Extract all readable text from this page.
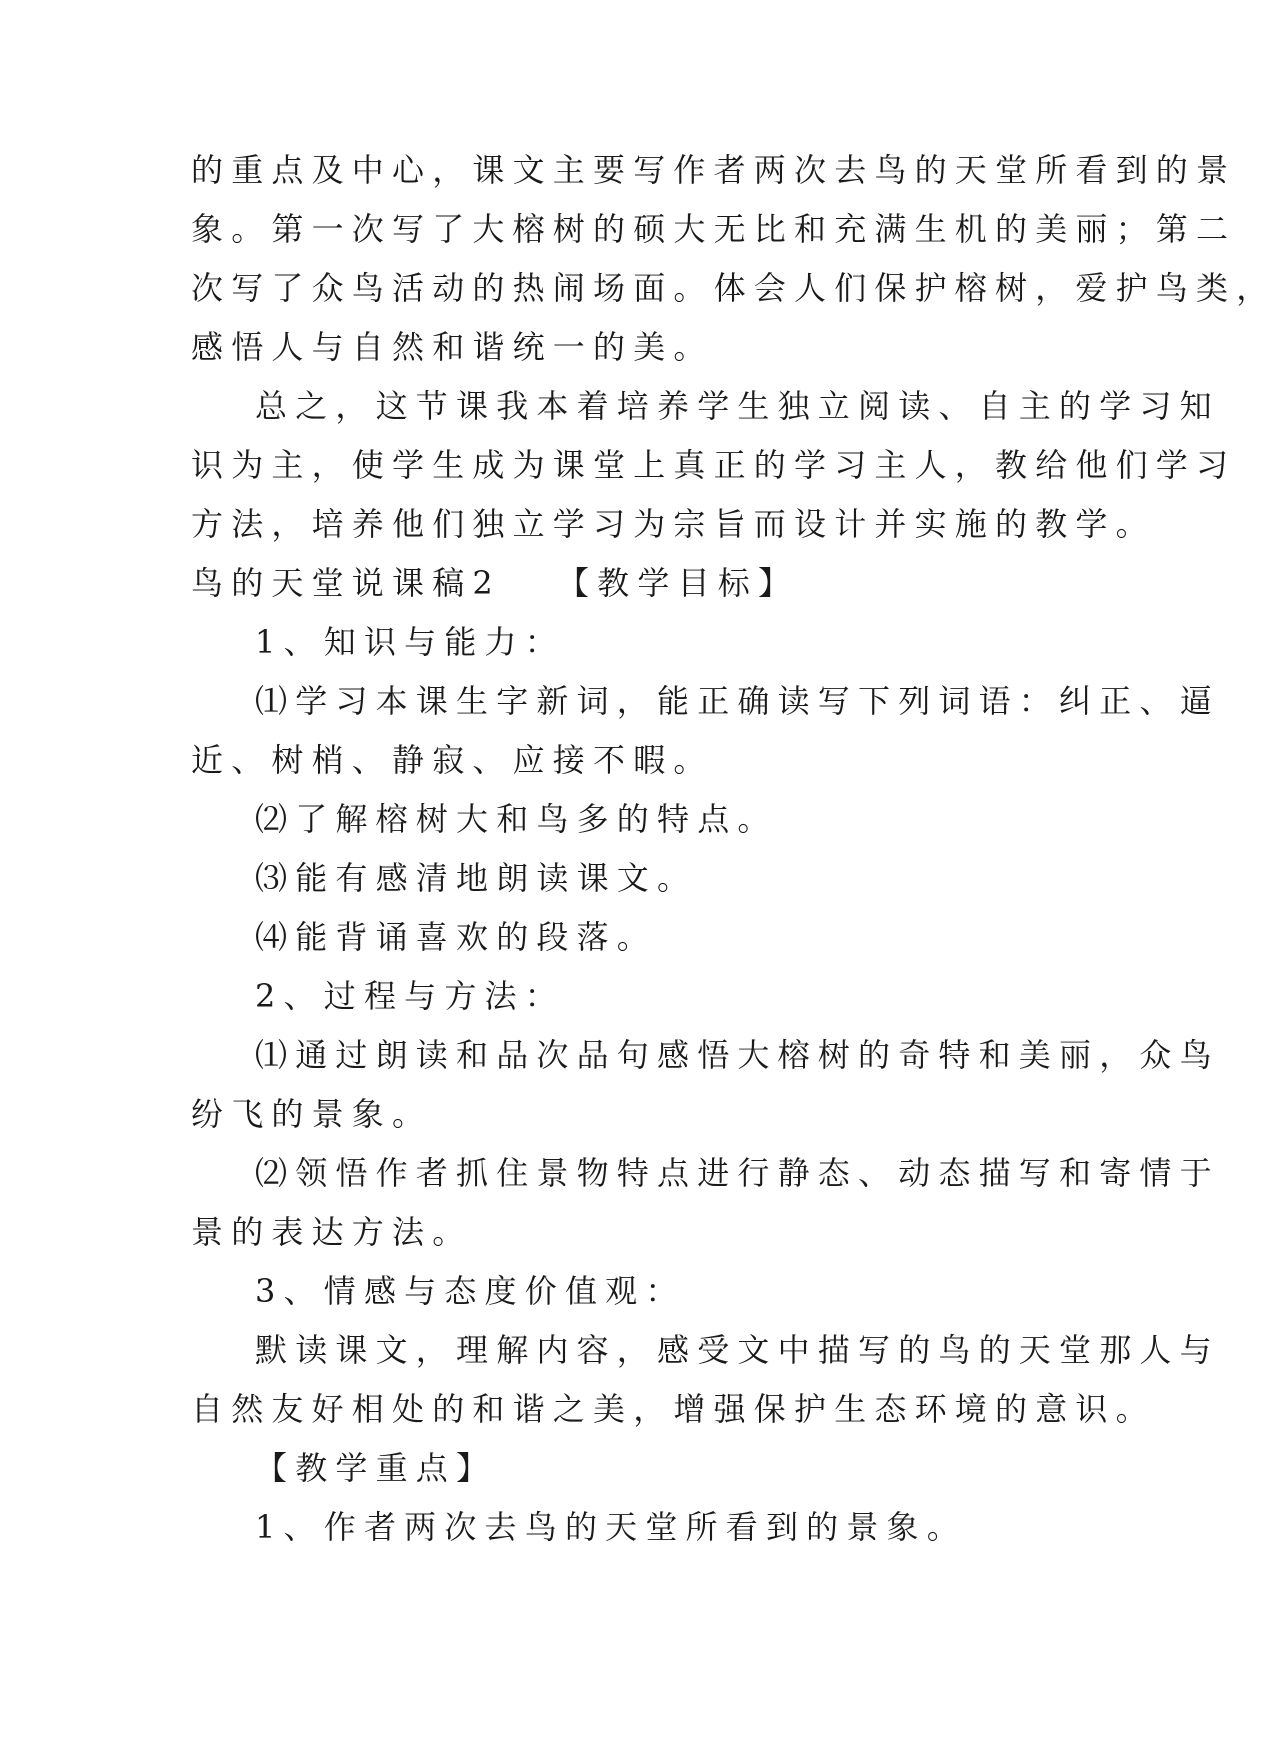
的重点及中心，课文主要写作者两次去鸟的天堂所看到的景
象。第一次写了大榕树的硕大无比和充满生机的美丽；第二
次写了众鸟活动的热闹场面。体会人们保护榕树，爱护鸟类，
感悟人与自然和谐统一的美。
总之，这节课我本着培养学生独立阅读、自主的学习知
识为主，使学生成为课堂上真正的学习主人，教给他们学习
方法，培养他们独立学习为宗旨而设计并实施的教学。
鸟的天堂说课稿2 【教学目标】
1、知识与能力：
⑴学习本课生字新词，能正确读写下列词语：纠正、逼
近、树梢、静寂、应接不暇。
⑵了解榕树大和鸟多的特点。
⑶能有感清地朗读课文。
⑷能背诵喜欢的段落。
2、过程与方法：
⑴通过朗读和品次品句感悟大榕树的奇特和美丽，众鸟
纷飞的景象。
⑵领悟作者抓住景物特点进行静态、动态描写和寄情于
景的表达方法。
3、情感与态度价值观：
默读课文，理解内容，感受文中描写的鸟的天堂那人与
自然友好相处的和谐之美，增强保护生态环境的意识。
【教学重点】
1、作者两次去鸟的天堂所看到的景象。
